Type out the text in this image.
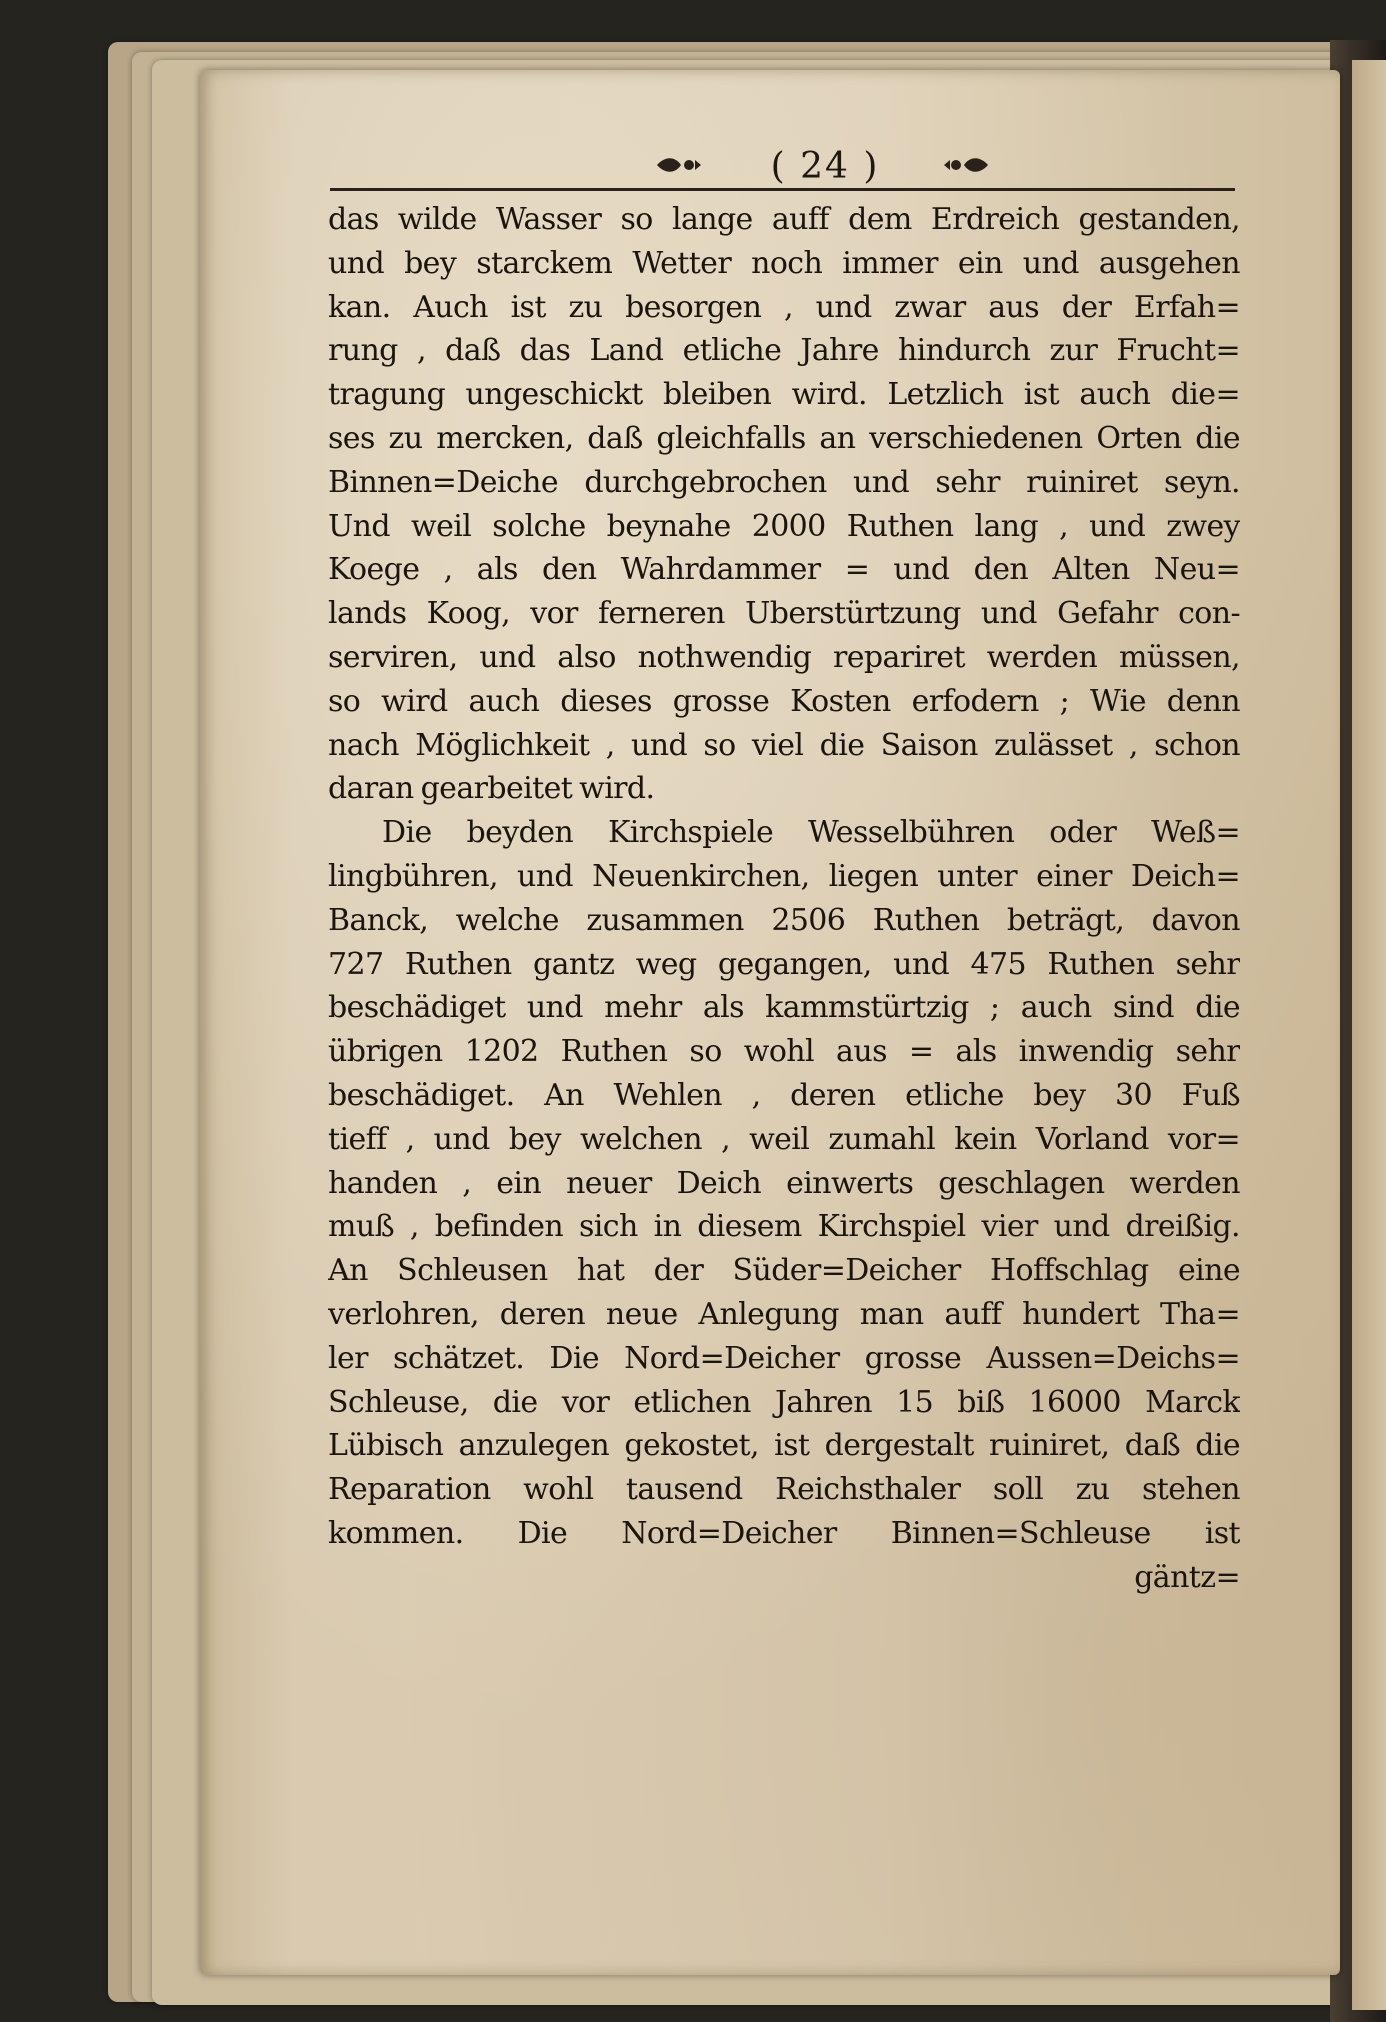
( 24 )
das wilde Wasser so lange auff dem Erdreich gestanden,
und bey starckem Wetter noch immer ein und ausgehen
kan. Auch ist zu besorgen , und zwar aus der Erfah=
rung , daß das Land etliche Jahre hindurch zur Frucht=
tragung ungeschickt bleiben wird. Letzlich ist auch die=
ses zu mercken, daß gleichfalls an verschiedenen Orten die
Binnen=Deiche durchgebrochen und sehr ruiniret seyn.
Und weil solche beynahe 2000 Ruthen lang , und zwey
Koege , als den Wahrdammer = und den Alten Neu=
lands Koog, vor ferneren Uberstürtzung und Gefahr con-
serviren, und also nothwendig repariret werden müssen,
so wird auch dieses grosse Kosten erfodern ; Wie denn
nach Möglichkeit , und so viel die Saison zulässet , schon
daran gearbeitet wird.
Die beyden Kirchspiele Wesselbühren oder Weß=
lingbühren, und Neuenkirchen, liegen unter einer Deich=
Banck, welche zusammen 2506 Ruthen beträgt, davon
727 Ruthen gantz weg gegangen, und 475 Ruthen sehr
beschädiget und mehr als kammstürtzig ; auch sind die
übrigen 1202 Ruthen so wohl aus = als inwendig sehr
beschädiget. An Wehlen , deren etliche bey 30 Fuß
tieff , und bey welchen , weil zumahl kein Vorland vor=
handen , ein neuer Deich einwerts geschlagen werden
muß , befinden sich in diesem Kirchspiel vier und dreißig.
An Schleusen hat der Süder=Deicher Hoffschlag eine
verlohren, deren neue Anlegung man auff hundert Tha=
ler schätzet. Die Nord=Deicher grosse Aussen=Deichs=
Schleuse, die vor etlichen Jahren 15 biß 16000 Marck
Lübisch anzulegen gekostet, ist dergestalt ruiniret, daß die
Reparation wohl tausend Reichsthaler soll zu stehen
kommen. Die Nord=Deicher Binnen=Schleuse ist
gäntz=
